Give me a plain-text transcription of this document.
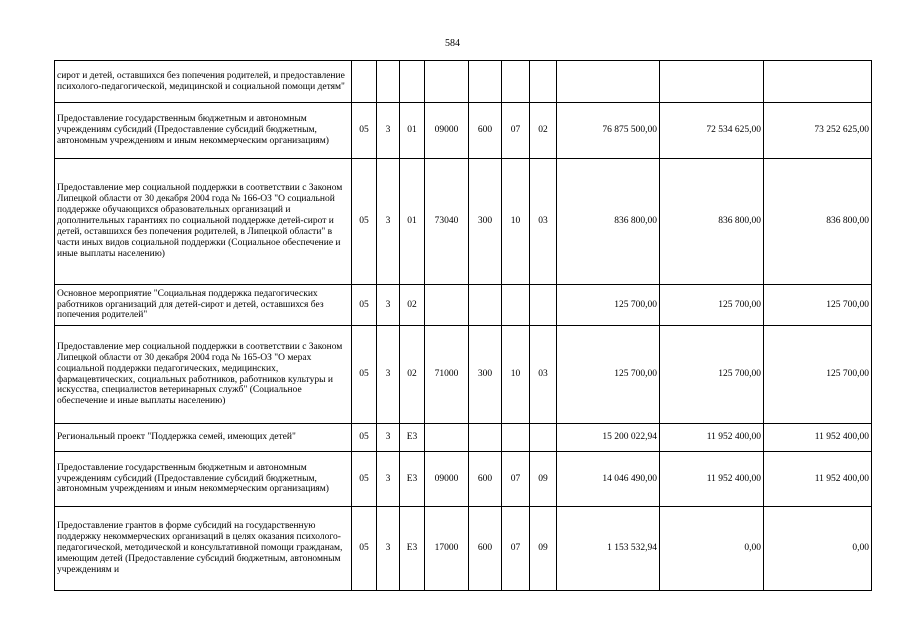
584
сирот и детей, оставшихся без попечения родителей, и предоставление психолого-педагогической, медицинской и социальной помощи детям"										
Предоставление государственным бюджетным и автономным учреждениям субсидий (Предоставление субсидий бюджетным, автономным учреждениям и иным некоммерческим организациям)	05	3	01	09000	600	07	02	76 875 500,00	72 534 625,00	73 252 625,00
Предоставление мер социальной поддержки в соответствии с Законом Липецкой области от 30 декабря 2004 года № 166-ОЗ "О социальной поддержке обучающихся образовательных организаций и дополнительных гарантиях по социальной поддержке детей-сирот и детей, оставшихся без попечения родителей, в Липецкой области" в части иных видов социальной поддержки (Социальное обеспечение и иные выплаты населению)	05	3	01	73040	300	10	03	836 800,00	836 800,00	836 800,00
Основное мероприятие "Социальная поддержка педагогических работников организаций для детей-сирот и детей, оставшихся без попечения родителей"	05	3	02					125 700,00	125 700,00	125 700,00
Предоставление мер социальной поддержки в соответствии с Законом Липецкой области от 30 декабря 2004 года № 165-ОЗ "О мерах социальной поддержки педагогических, медицинских, фармацевтических, социальных работников, работников культуры и искусства, специалистов ветеринарных служб" (Социальное обеспечение и иные выплаты населению)	05	3	02	71000	300	10	03	125 700,00	125 700,00	125 700,00
Региональный проект "Поддержка семей, имеющих детей"	05	3	Е3					15 200 022,94	11 952 400,00	11 952 400,00
Предоставление государственным бюджетным и автономным учреждениям субсидий (Предоставление субсидий бюджетным, автономным учреждениям и иным некоммерческим организациям)	05	3	Е3	09000	600	07	09	14 046 490,00	11 952 400,00	11 952 400,00
Предоставление грантов в форме субсидий на государственную поддержку некоммерческих организаций в целях оказания психолого-педагогической, методической и консультативной помощи гражданам, имеющим детей (Предоставление субсидий бюджетным, автономным учреждениям и	05	3	Е3	17000	600	07	09	1 153 532,94	0,00	0,00
